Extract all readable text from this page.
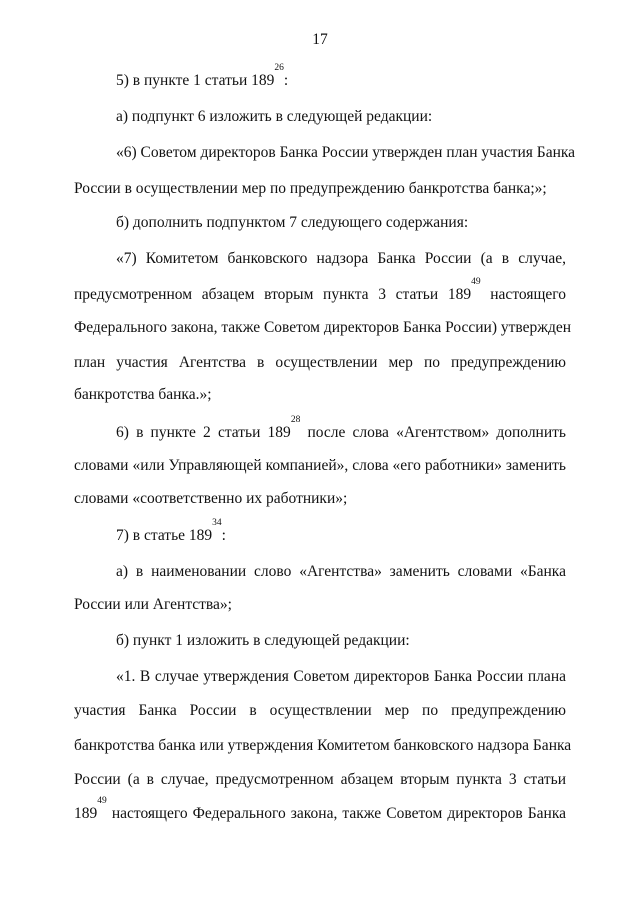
17
5) в пункте 1 статьи $189^{26}$:
а) подпункт 6 изложить в следующей редакции:
«6) Советом директоров Банка России утвержден план участия Банка
России в осуществлении мер по предупреждению банкротства банка;»;
б) дополнить подпунктом 7 следующего содержания:
«7) Комитетом банковского надзора Банка России (а в случае,
предусмотренном абзацем вторым пункта 3 статьи $189^{49}$ настоящего
Федерального закона, также Советом директоров Банка России) утвержден
план участия Агентства в осуществлении мер по предупреждению
банкротства банка.»;
6) в пункте 2 статьи $189^{28}$ после слова «Агентством» дополнить
словами «или Управляющей компанией», слова «его работники» заменить
словами «соответственно их работники»;
7) в статье $189^{34}$:
а) в наименовании слово «Агентства» заменить словами «Банка
России или Агентства»;
б) пункт 1 изложить в следующей редакции:
«1. В случае утверждения Советом директоров Банка России плана
участия Банка России в осуществлении мер по предупреждению
банкротства банка или утверждения Комитетом банковского надзора Банка
России (а в случае, предусмотренном абзацем вторым пункта 3 статьи
$189^{49}$ настоящего Федерального закона, также Советом директоров Банка
